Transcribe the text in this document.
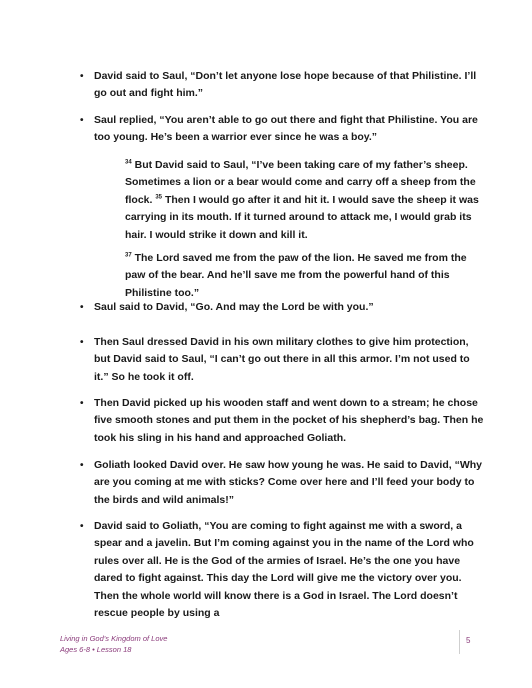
• David said to Saul, “Don’t let anyone lose hope because of that Philistine. I’ll go out and fight him.”
• Saul replied, “You aren’t able to go out there and fight that Philistine. You are too young. He’s been a warrior ever since he was a boy.”
$^{34}$ But David said to Saul, “I’ve been taking care of my father’s sheep. Sometimes a lion or a bear would come and carry off a sheep from the flock. $^{35}$ Then I would go after it and hit it. I would save the sheep it was carrying in its mouth. If it turned around to attack me, I would grab its hair. I would strike it down and kill it.
$^{37}$ The Lord saved me from the paw of the lion. He saved me from the paw of the bear. And he’ll save me from the powerful hand of this Philistine too.”
• Saul said to David, “Go. And may the Lord be with you.”
• Then Saul dressed David in his own military clothes to give him protection, but David said to Saul, “I can’t go out there in all this armor. I’m not used to it.” So he took it off.
• Then David picked up his wooden staff and went down to a stream; he chose five smooth stones and put them in the pocket of his shepherd’s bag. Then he took his sling in his hand and approached Goliath.
• Goliath looked David over. He saw how young he was. He said to David, “Why are you coming at me with sticks? Come over here and I’ll feed your body to the birds and wild animals!”
• David said to Goliath, “You are coming to fight against me with a sword, a spear and a javelin. But I’m coming against you in the name of the Lord who rules over all. He is the God of the armies of Israel. He’s the one you have dared to fight against. This day the Lord will give me the victory over you. Then the whole world will know there is a God in Israel. The Lord doesn’t rescue people by using a
Living in God’s Kingdom of Love
Ages 6-8 • Lesson 18
5
